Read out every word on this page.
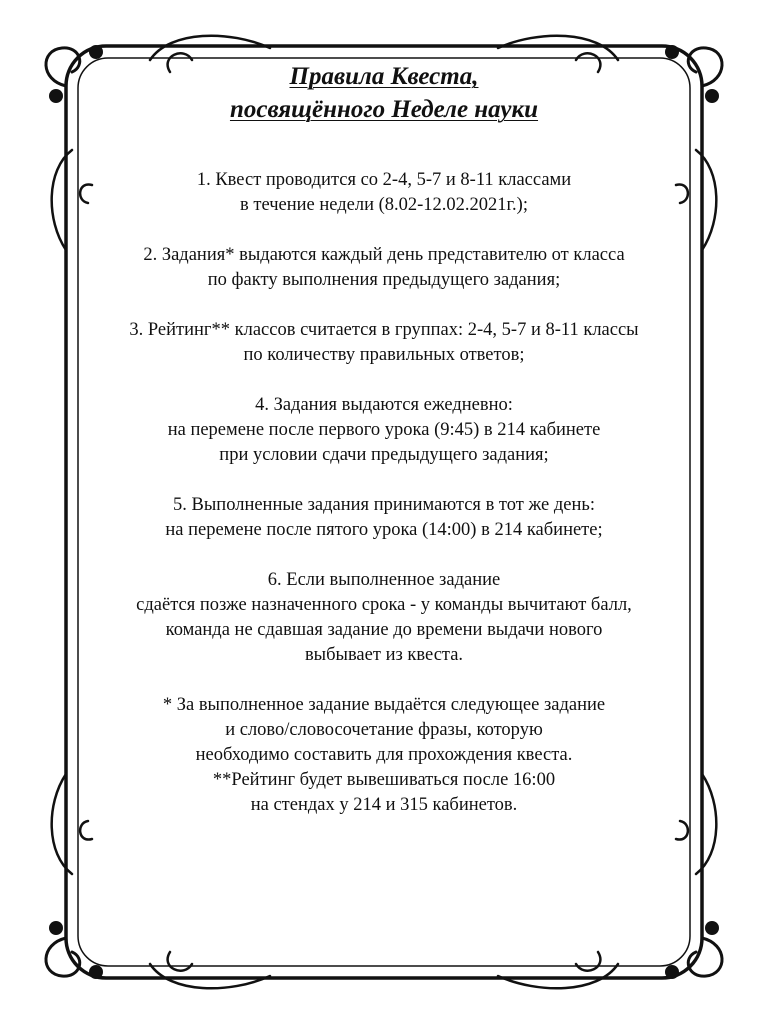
Правила Квеста,
посвящённого Неделе науки
1. Квест проводится со 2-4, 5-7 и 8-11 классами
в течение недели (8.02-12.02.2021г.);
2. Задания* выдаются каждый день представителю от класса
по факту выполнения предыдущего задания;
3. Рейтинг** классов считается в группах: 2-4, 5-7 и 8-11 классы
по количеству правильных ответов;
4. Задания выдаются ежедневно:
на перемене после первого урока (9:45) в 214 кабинете
при условии сдачи предыдущего задания;
5. Выполненные задания принимаются в тот же день:
на перемене после пятого урока (14:00) в 214 кабинете;
6. Если выполненное задание
сдаётся позже назначенного срока - у команды вычитают балл,
команда не сдавшая задание до времени выдачи нового
выбывает из квеста.
* За выполненное задание выдаётся следующее задание
и слово/словосочетание фразы, которую
необходимо составить для прохождения квеста.
**Рейтинг будет вывешиваться после 16:00
на стендах у 214 и 315 кабинетов.
